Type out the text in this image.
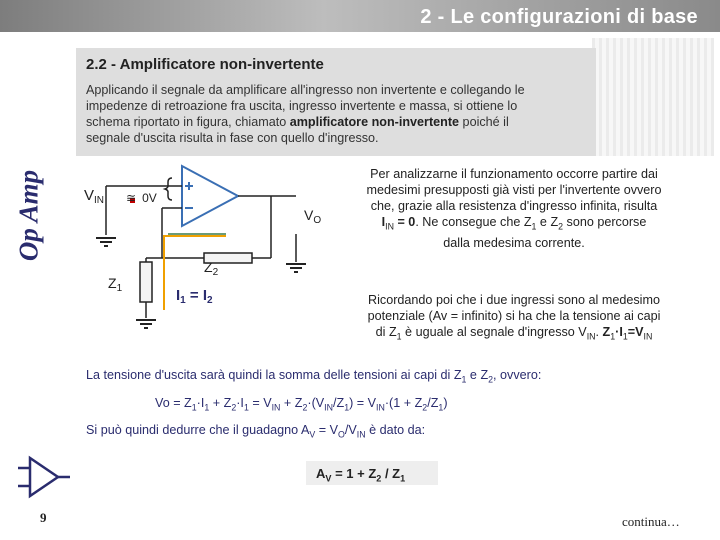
2 - Le configurazioni di base
Op Amp
2.2 - Amplificatore non-invertente
Applicando il segnale da amplificare all'ingresso non invertente e collegando le
impedenze di retroazione fra uscita, ingresso invertente e massa, si ottiene lo
schema riportato in figura, chiamato amplificatore non-invertente poiché il
segnale d'uscita risulta in fase con quello d'ingresso.
$V_{IN}$ ≅ 0V
$V_O$
$Z_2$
$Z_1$	$I_1 = I_2$
Per analizzarne il funzionamento occorre partire dai
medesimi presupposti già visti per l'invertente ovvero
che, grazie alla resistenza d'ingresso infinita, risulta
$I_{IN} = 0$. Ne consegue che $Z_1$ e $Z_2$ sono percorse
dalla medesima corrente.
Ricordando poi che i due ingressi sono al medesimo
potenziale (Av = infinito) si ha che la tensione ai capi
di $Z_1$ è uguale al segnale d'ingresso $V_{IN}$. $Z_1\cdot I_1=V_{IN}$
La tensione d'uscita sarà quindi la somma delle tensioni ai capi di $Z_1$ e $Z_2$, ovvero:
$Vo = Z_1\cdot I_1 + Z_2\cdot I_1 = V_{IN} + Z_2\cdot(V_{IN}/Z_1) = V_{IN}\cdot(1 + Z_2/Z_1)$
Si può quindi dedurre che il guadagno $A_V = V_O/V_{IN}$ è dato da:
$A_V = 1 + Z_2 / Z_1$
9	continua…
